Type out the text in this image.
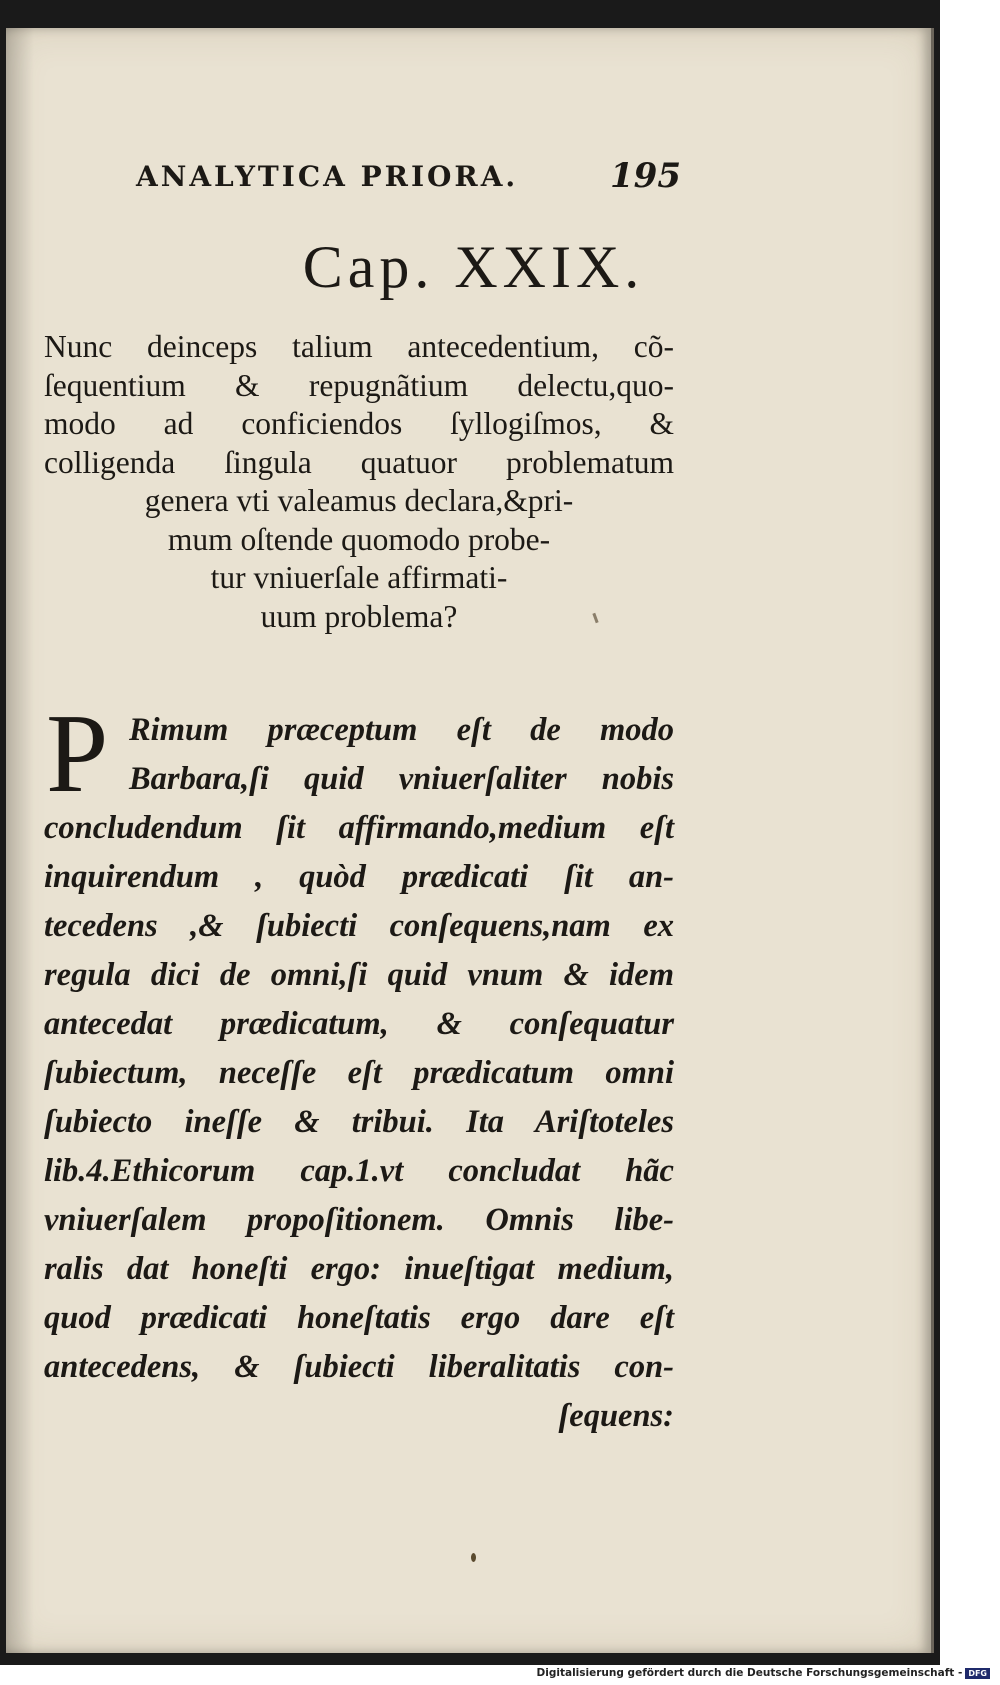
ANALYTICA PRIORA.	195
Cap. XXIX.
Nunc deinceps talium antecedentium, cõ-
ſequentium & repugnãtium delectu,quo-
modo ad conficiendos ſyllogiſmos, &
colligenda ſingula quatuor problematum
genera vti valeamus declara,&pri-
mum oſtende quomodo probe-
tur vniuerſale affirmati-
uum problema?
P Rimum præceptum eſt de modo
Barbara,ſi quid vniuerſaliter nobis
concludendum ſit affirmando,medium eſt
inquirendum , quòd prædicati ſit an-
tecedens ,& ſubiecti conſequens,nam ex
regula dici de omni,ſi quid vnum & idem
antecedat prædicatum, & conſequatur
ſubiectum, neceſſe eſt prædicatum omni
ſubiecto ineſſe & tribui. Ita Ariſtoteles
lib.4.Ethicorum cap.1.vt concludat hãc
vniuerſalem propoſitionem. Omnis libe-
ralis dat honeſti ergo: inueſtigat medium,
quod prædicati honeſtatis ergo dare eſt
antecedens, & ſubiecti liberalitatis con-
ſequens:
Digitalisierung gefördert durch die Deutsche Forschungsgemeinschaft - DFG
